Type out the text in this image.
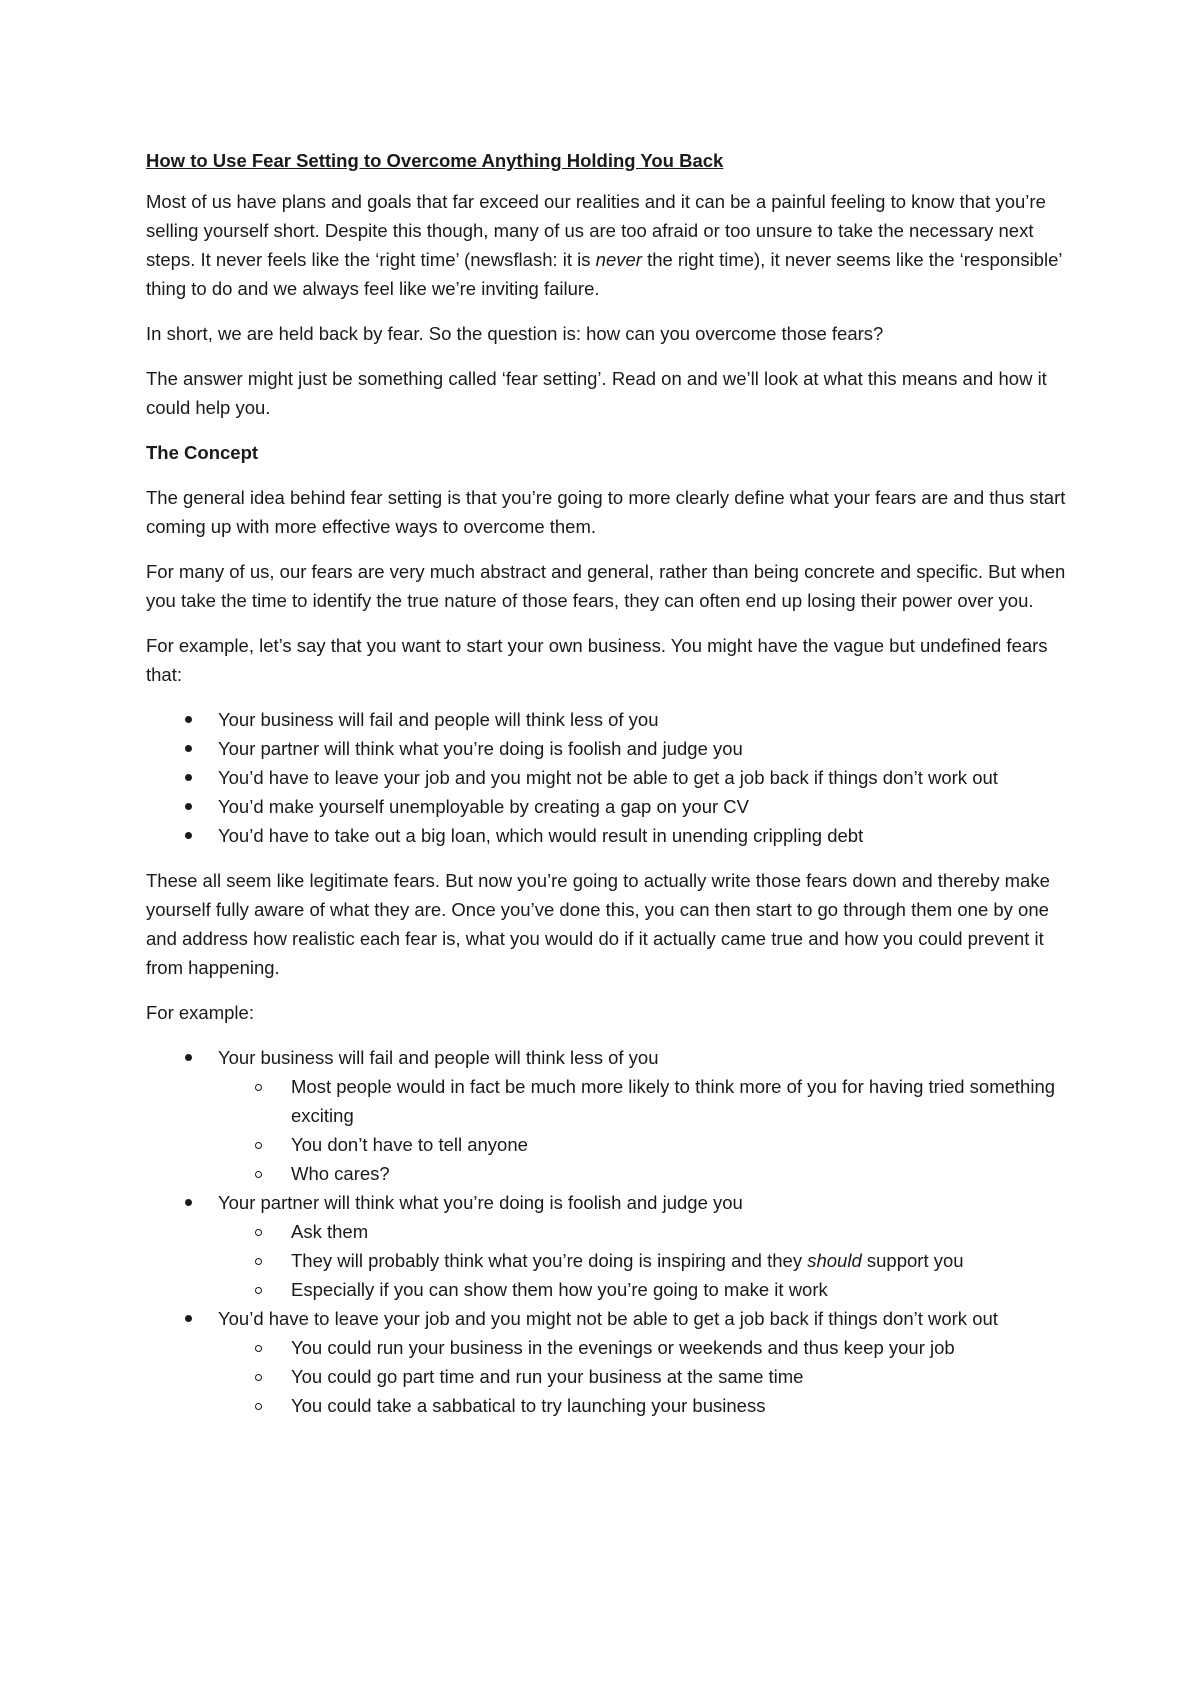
How to Use Fear Setting to Overcome Anything Holding You Back

Most of us have plans and goals that far exceed our realities and it can be a painful feeling to know that you’re selling yourself short. Despite this though, many of us are too afraid or too unsure to take the necessary next steps. It never feels like the ‘right time’ (newsflash: it is never the right time), it never seems like the ‘responsible’ thing to do and we always feel like we’re inviting failure.

In short, we are held back by fear. So the question is: how can you overcome those fears?

The answer might just be something called ‘fear setting’. Read on and we’ll look at what this means and how it could help you.

The Concept

The general idea behind fear setting is that you’re going to more clearly define what your fears are and thus start coming up with more effective ways to overcome them.

For many of us, our fears are very much abstract and general, rather than being concrete and specific. But when you take the time to identify the true nature of those fears, they can often end up losing their power over you.

For example, let’s say that you want to start your own business. You might have the vague but undefined fears that:

Your business will fail and people will think less of you
Your partner will think what you’re doing is foolish and judge you
You’d have to leave your job and you might not be able to get a job back if things don’t work out
You’d make yourself unemployable by creating a gap on your CV
You’d have to take out a big loan, which would result in unending crippling debt

These all seem like legitimate fears. But now you’re going to actually write those fears down and thereby make yourself fully aware of what they are. Once you’ve done this, you can then start to go through them one by one and address how realistic each fear is, what you would do if it actually came true and how you could prevent it from happening.

For example:

Your business will fail and people will think less of you
Most people would in fact be much more likely to think more of you for having tried something exciting
You don’t have to tell anyone
Who cares?
Your partner will think what you’re doing is foolish and judge you
Ask them
They will probably think what you’re doing is inspiring and they should support you
Especially if you can show them how you’re going to make it work
You’d have to leave your job and you might not be able to get a job back if things don’t work out
You could run your business in the evenings or weekends and thus keep your job
You could go part time and run your business at the same time
You could take a sabbatical to try launching your business
